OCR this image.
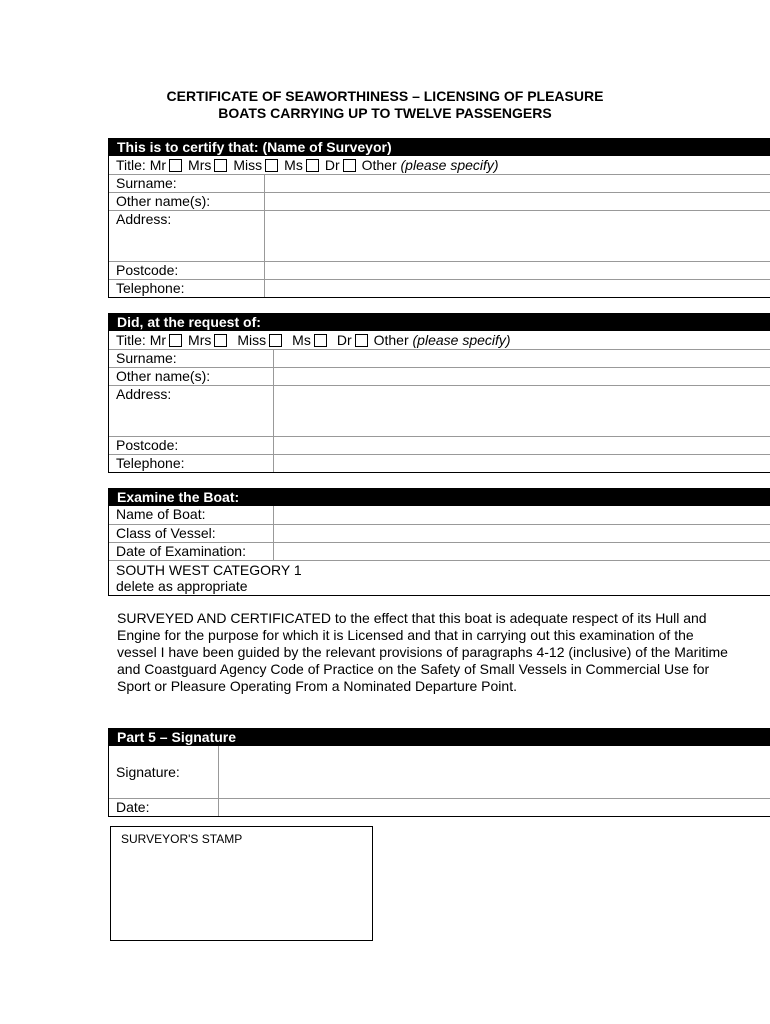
CERTIFICATE OF SEAWORTHINESS – LICENSING OF PLEASURE
BOATS CARRYING UP TO TWELVE PASSENGERS
This is to certify that: (Name of Surveyor)
Title: Mr Mrs Miss Ms Dr Other
(please specify)
Surname:
Other name(s):
Address:
Postcode:
Telephone:
Did, at the request of:
Title: Mr Mrs Miss Ms Dr Other
(please specify)
Surname:
Other name(s):
Address:
Postcode:
Telephone:
Examine the Boat:
Name of Boat:
Class of Vessel:
Date of Examination:
SOUTH WEST CATEGORY 1
delete as appropriate
SURVEYED AND CERTIFICATED to the effect that this boat is adequate respect of its Hull and Engine for the purpose for which it is Licensed and that in carrying out this examination of the vessel I have been guided by the relevant provisions of paragraphs 4-12 (inclusive) of the Maritime and Coastguard Agency Code of Practice on the Safety of Small Vessels in Commercial Use for Sport or Pleasure Operating From a Nominated Departure Point.
Part 5 – Signature
Signature:
Date:
SURVEYOR'S STAMP
